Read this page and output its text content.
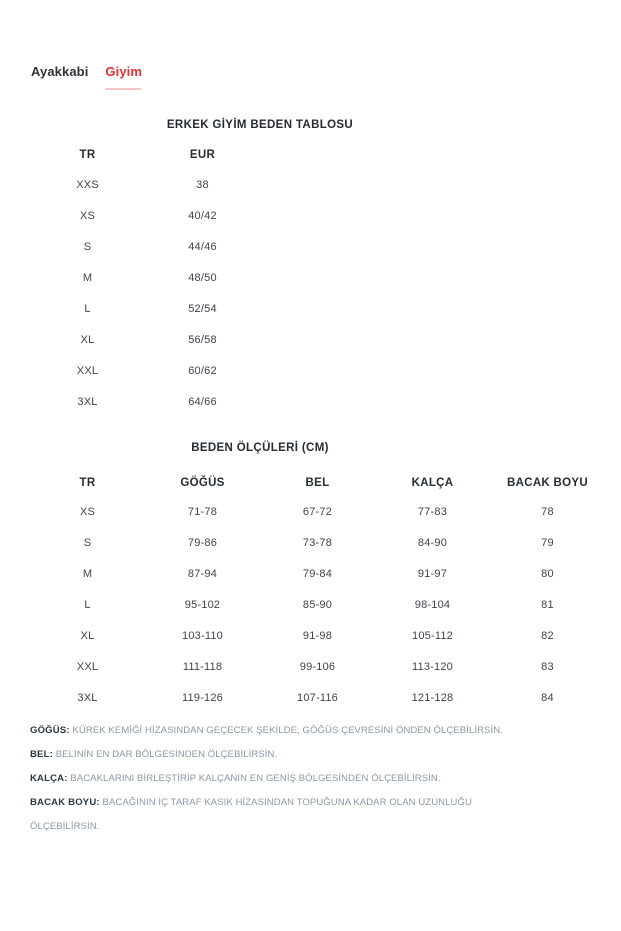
Ayakkabi Giyim
ERKEK GİYİM BEDEN TABLOSU
TR	EUR
XXS	38
XS	40/42
S	44/46
M	48/50
L	52/54
XL	56/58
XXL	60/62
3XL	64/66
BEDEN ÖLÇÜLERİ (CM)
TR	GÖĞÜS	BEL	KALÇA	BACAK BOYU
XS	71-78	67-72	77-83	78
S	79-86	73-78	84-90	79
M	87-94	79-84	91-97	80
L	95-102	85-90	98-104	81
XL	103-110	91-98	105-112	82
XXL	111-118	99-106	113-120	83
3XL	119-126	107-116	121-128	84

GÖĞÜS: KÜREK KEMİĞİ HİZASINDAN GEÇECEK ŞEKİLDE, GÖĞÜS ÇEVRESİNİ ÖNDEN ÖLÇEBİLİRSİN.

BEL: BELİNİN EN DAR BÖLGESİNDEN ÖLÇEBİLİRSİN.

KALÇA: BACAKLARINI BİRLEŞTİRİP KALÇANIN EN GENİŞ BÖLGESİNDEN ÖLÇEBİLİRSİN.

BACAK BOYU: BACAĞININ İÇ TARAF KASIK HİZASINDAN TOPUĞUNA KADAR OLAN UZUNLUĞU ÖLÇEBİLİRSİN.
